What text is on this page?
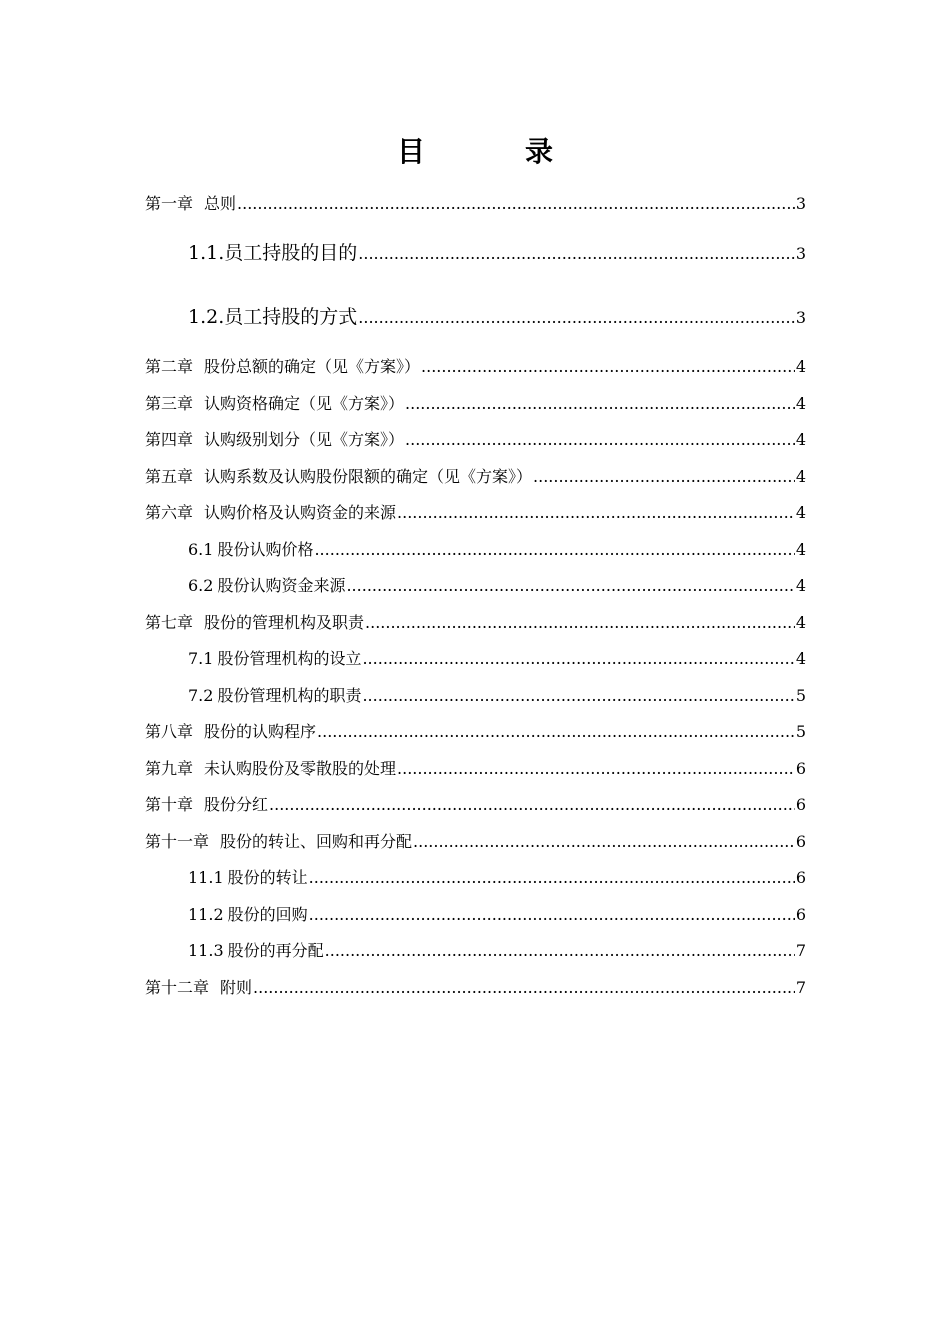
目　录
第一章 总则 .....	3
1.1. 员工持股的目的 .....	3
1.2. 员工持股的方式 .....	3
第二章 股份总额的确定（见《方案》） .....	4
第三章 认购资格确定（见《方案》） .....	4
第四章 认购级别划分（见《方案》） .....	4
第五章 认购系数及认购股份限额的确定（见《方案》） .....	4
第六章 认购价格及认购资金的来源 .....	4
6.1 股份认购价格 .....	4
6.2 股份认购资金来源 .....	4
第七章 股份的管理机构及职责 .....	4
7.1 股份管理机构的设立 .....	4
7.2 股份管理机构的职责 .....	5
第八章 股份的认购程序 .....	5
第九章 未认购股份及零散股的处理 .....	6
第十章 股份分红 .....	6
第十一章 股份的转让、回购和再分配 .....	6
11.1 股份的转让 .....	6
11.2 股份的回购 .....	6
11.3 股份的再分配 .....	7
第十二章 附则 .....	7
